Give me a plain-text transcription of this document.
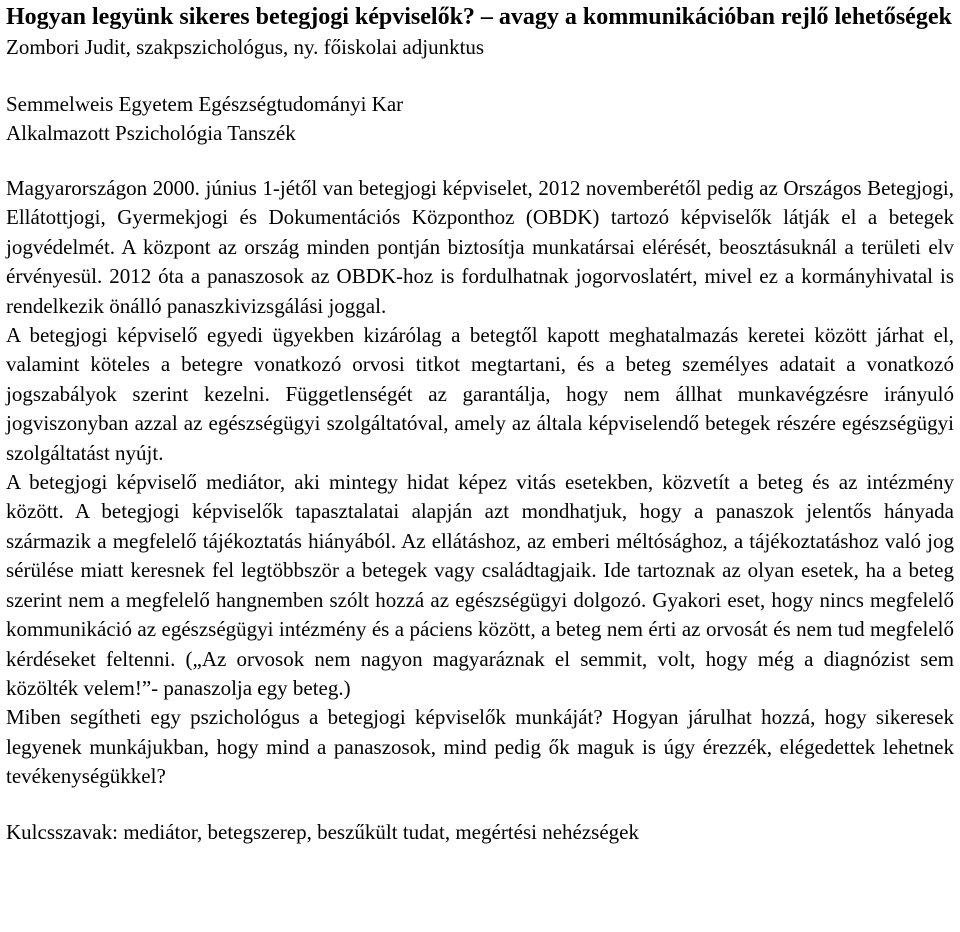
Hogyan legyünk sikeres betegjogi képviselők? – avagy a kommunikációban rejlő lehetőségek
Zombori Judit, szakpszichológus, ny. főiskolai adjunktus
Semmelweis Egyetem Egészségtudományi Kar
Alkalmazott Pszichológia Tanszék

Magyarországon 2000. június 1-jétől van betegjogi képviselet, 2012 novemberétől pedig az Országos Betegjogi, Ellátottjogi, Gyermekjogi és Dokumentációs Központhoz (OBDK) tartozó képviselők látják el a betegek jogvédelmét. A központ az ország minden pontján biztosítja munkatársai elérését, beosztásuknál a területi elv érvényesül. 2012 óta a panaszosok az OBDK-hoz is fordulhatnak jogorvoslatért, mivel ez a kormányhivatal is rendelkezik önálló panaszkivizsgálási joggal.

A betegjogi képviselő egyedi ügyekben kizárólag a betegtől kapott meghatalmazás keretei között járhat el, valamint köteles a betegre vonatkozó orvosi titkot megtartani, és a beteg személyes adatait a vonatkozó jogszabályok szerint kezelni. Függetlenségét az garantálja, hogy nem állhat munkavégzésre irányuló jogviszonyban azzal az egészségügyi szolgáltatóval, amely az általa képviselendő betegek részére egészségügyi szolgáltatást nyújt.

A betegjogi képviselő mediátor, aki mintegy hidat képez vitás esetekben, közvetít a beteg és az intézmény között. A betegjogi képviselők tapasztalatai alapján azt mondhatjuk, hogy a panaszok jelentős hányada származik a megfelelő tájékoztatás hiányából. Az ellátáshoz, az emberi méltósághoz, a tájékoztatáshoz való jog sérülése miatt keresnek fel legtöbbször a betegek vagy családtagjaik. Ide tartoznak az olyan esetek, ha a beteg szerint nem a megfelelő hangnemben szólt hozzá az egészségügyi dolgozó. Gyakori eset, hogy nincs megfelelő kommunikáció az egészségügyi intézmény és a páciens között, a beteg nem érti az orvosát és nem tud megfelelő kérdéseket feltenni. („Az orvosok nem nagyon magyaráznak el semmit, volt, hogy még a diagnózist sem közölték velem!”- panaszolja egy beteg.)

Miben segítheti egy pszichológus a betegjogi képviselők munkáját? Hogyan járulhat hozzá, hogy sikeresek legyenek munkájukban, hogy mind a panaszosok, mind pedig ők maguk is úgy érezzék, elégedettek lehetnek tevékenységükkel?

Kulcsszavak: mediátor, betegszerep, beszűkült tudat, megértési nehézségek
